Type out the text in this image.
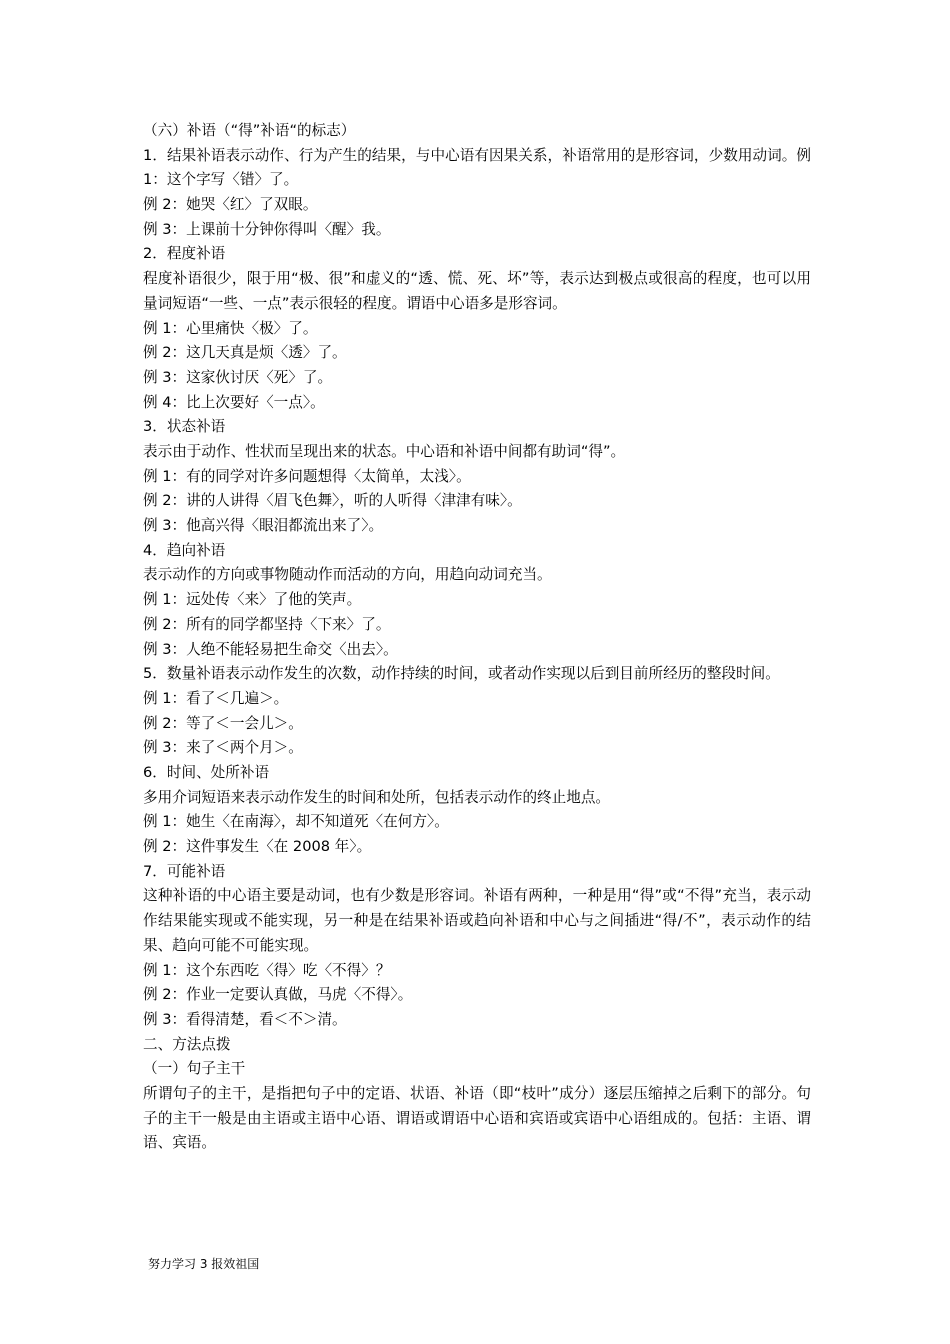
（六）补语（“得”补语“的标志）
1．结果补语表示动作、行为产生的结果，与中心语有因果关系，补语常用的是形容词，少数用动词。例 1：这个字写〈错〉了。
例 2：她哭〈红〉了双眼。
例 3：上课前十分钟你得叫〈醒〉我。
2．程度补语
程度补语很少，限于用“极、很”和虚义的“透、慌、死、坏”等，表示达到极点或很高的程度，也可以用量词短语“一些、一点”表示很轻的程度。谓语中心语多是形容词。
例 1：心里痛快〈极〉了。
例 2：这几天真是烦〈透〉了。
例 3：这家伙讨厌〈死〉了。
例 4：比上次要好〈一点〉。
3．状态补语
表示由于动作、性状而呈现出来的状态。中心语和补语中间都有助词“得”。
例 1：有的同学对许多问题想得〈太简单，太浅〉。
例 2：讲的人讲得〈眉飞色舞〉，听的人听得〈津津有味〉。
例 3：他高兴得〈眼泪都流出来了〉。
4．趋向补语
表示动作的方向或事物随动作而活动的方向，用趋向动词充当。
例 1：远处传〈来〉了他的笑声。
例 2：所有的同学都坚持〈下来〉了。
例 3：人绝不能轻易把生命交〈出去〉。
5．数量补语表示动作发生的次数，动作持续的时间，或者动作实现以后到目前所经历的整段时间。
例 1：看了＜几遍＞。
例 2：等了＜一会儿＞。
例 3：来了＜两个月＞。
6．时间、处所补语
多用介词短语来表示动作发生的时间和处所，包括表示动作的终止地点。
例 1：她生〈在南海〉，却不知道死〈在何方〉。
例 2：这件事发生〈在 2008 年〉。
7．可能补语
这种补语的中心语主要是动词，也有少数是形容词。补语有两种，一种是用“得”或“不得”充当，表示动作结果能实现或不能实现，另一种是在结果补语或趋向补语和中心与之间插进“得/不”，表示动作的结果、趋向可能不可能实现。
例 1：这个东西吃〈得〉吃〈不得〉？
例 2：作业一定要认真做，马虎〈不得〉。
例 3：看得清楚，看＜不＞清。
二、方法点拨
（一）句子主干
所谓句子的主干，是指把句子中的定语、状语、补语（即“枝叶”成分）逐层压缩掉之后剩下的部分。句子的主干一般是由主语或主语中心语、谓语或谓语中心语和宾语或宾语中心语组成的。包括：主语、谓语、宾语。
努力学习 3 报效祖国
